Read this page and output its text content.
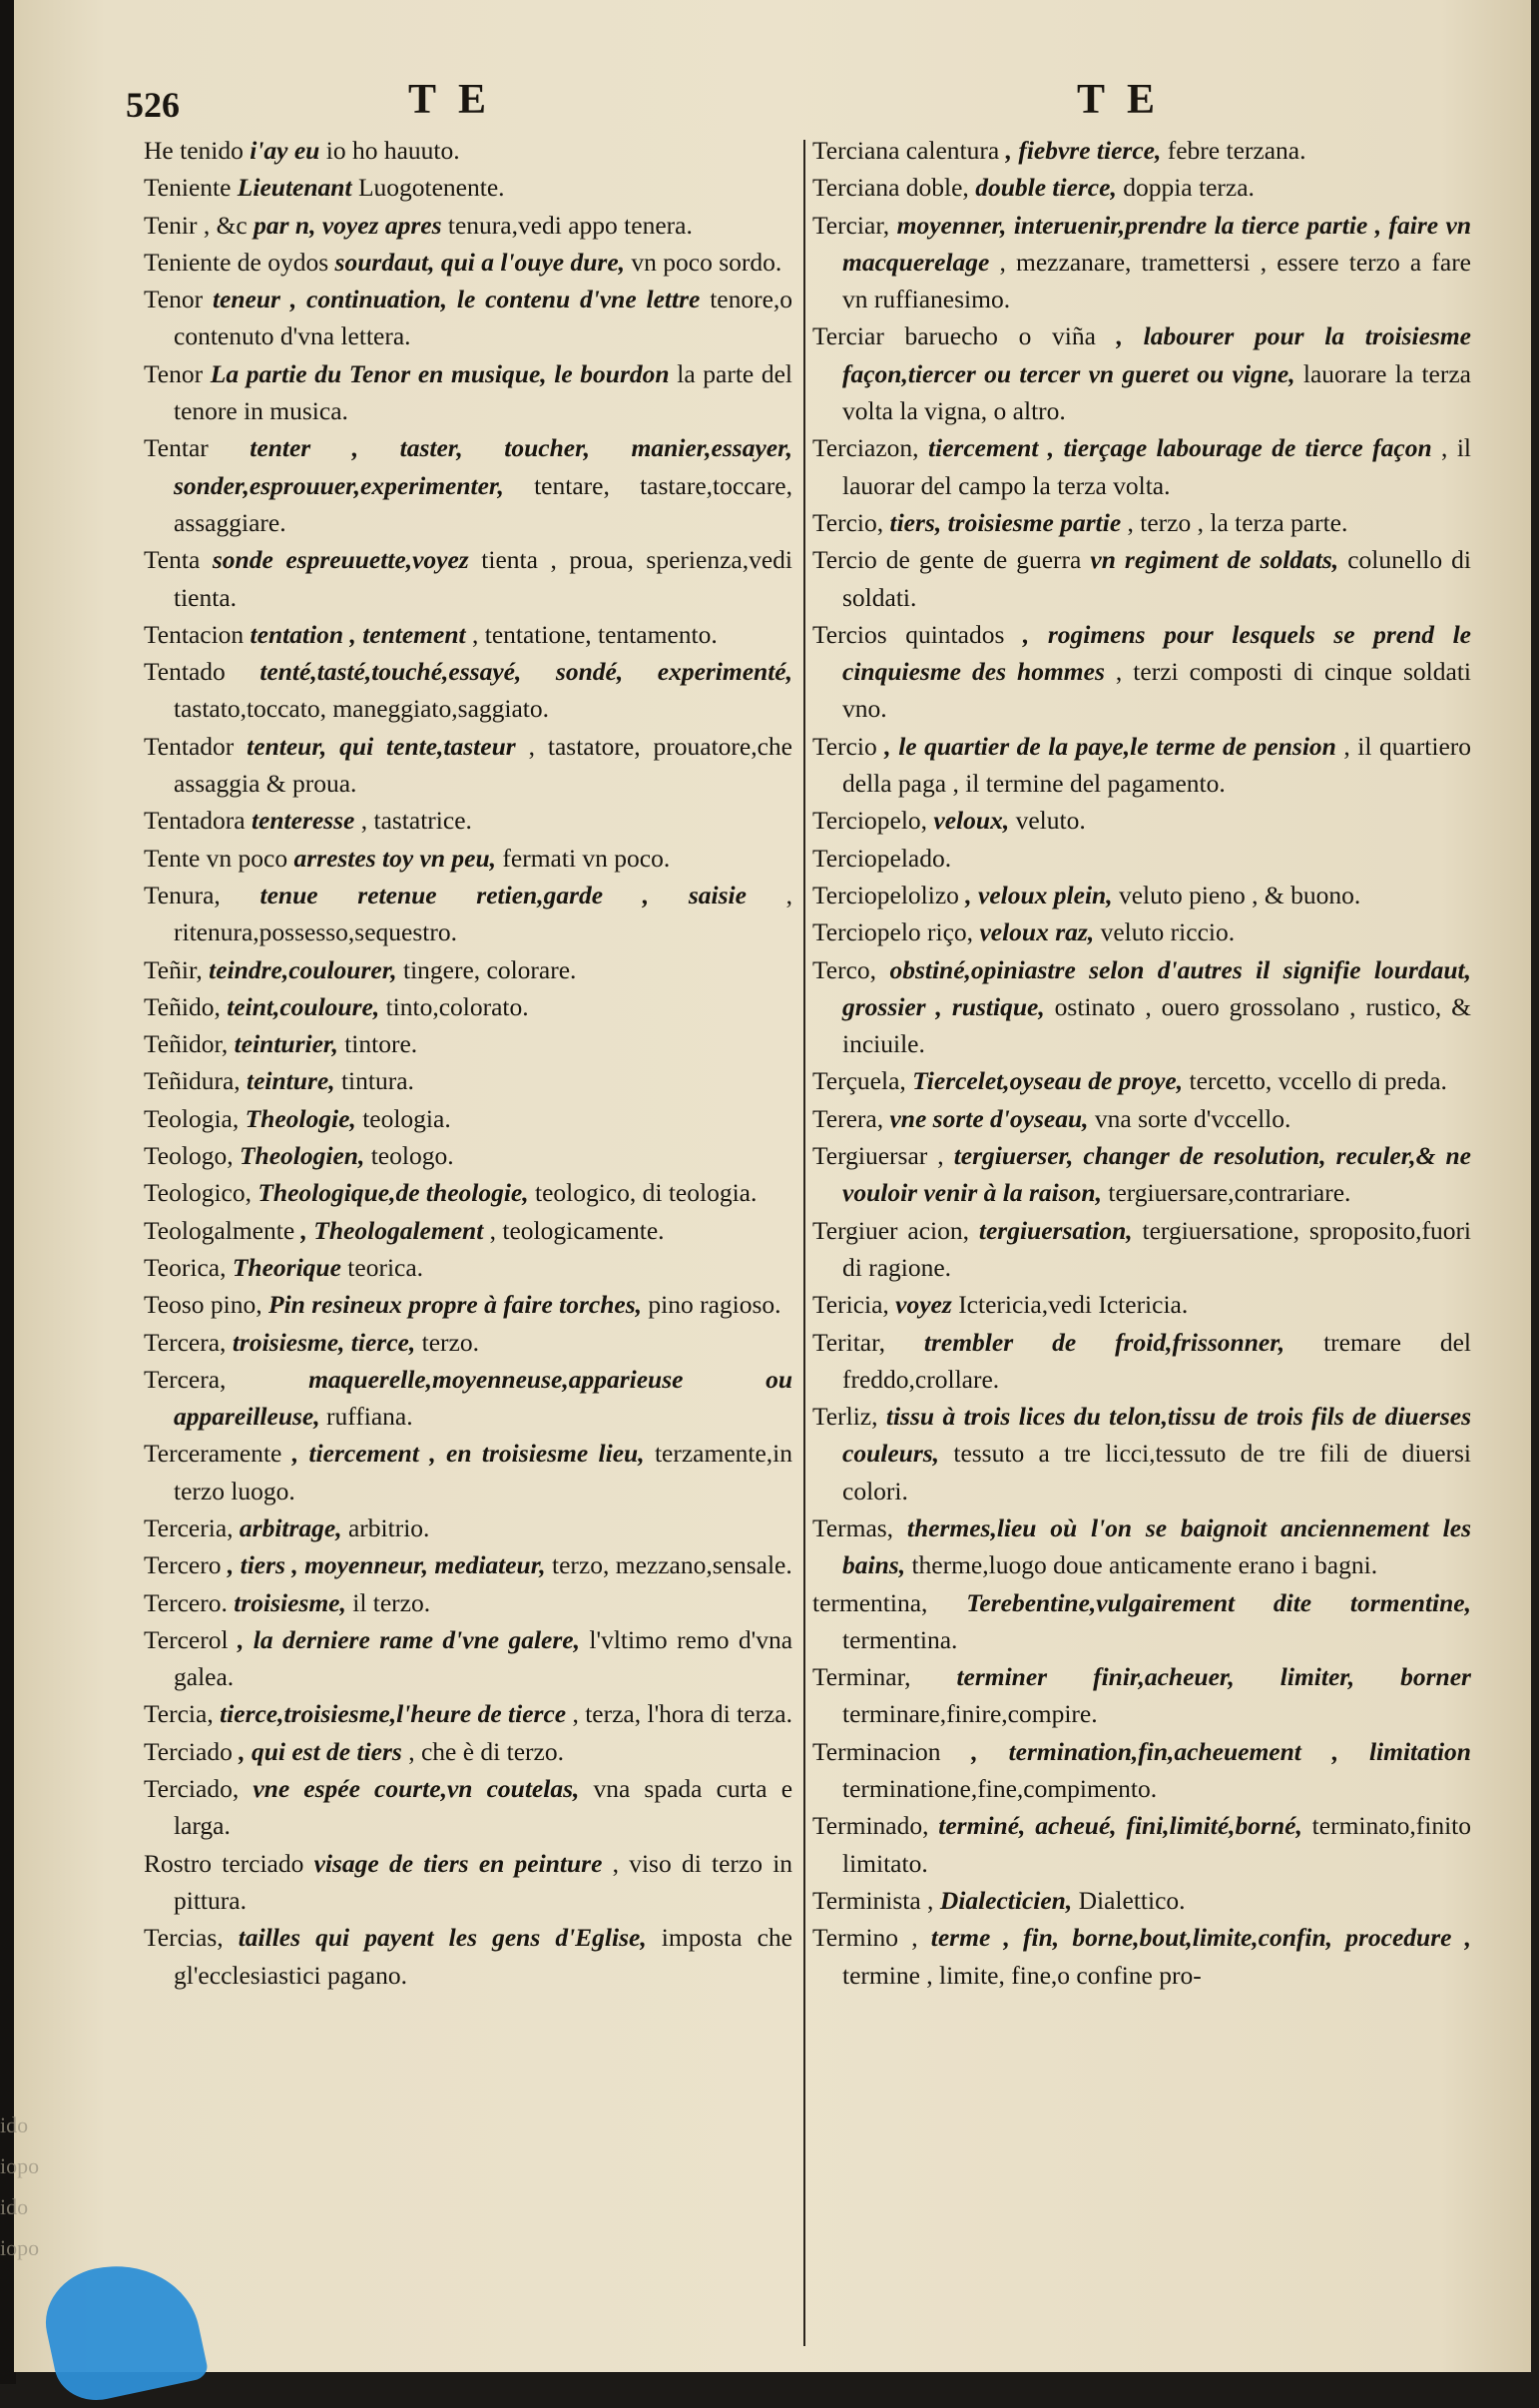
526	TE	TE

He tenido i'ay eu io ho hauuto.

Teniente Lieutenant Luogotenente.

Tenir , &c par n, voyez apres tenura,vedi appo tenera.

Teniente de oydos sourdaut, qui a l'ouye dure, vn poco sordo.

Tenor teneur , continuation, le contenu d'vne lettre tenore,o contenuto d'vna lettera.

Tenor La partie du Tenor en musique, le bourdon la parte del tenore in musica.

Tentar tenter , taster, toucher, manier,essayer, sonder,esprouuer,experimenter, tentare, tastare,toccare, assaggiare.

Tenta sonde espreuuette,voyez tienta , proua, sperienza,vedi tienta.

Tentacion tentation , tentement , tentatione, tentamento.

Tentado tenté,tasté,touché,essayé, sondé, experimenté, tastato,toccato, maneggiato,saggiato.

Tentador tenteur, qui tente,tasteur , tastatore, prouatore,che assaggia & proua.

Tentadora tenteresse , tastatrice.

Tente vn poco arrestes toy vn peu, fermati vn poco.

Tenura, tenue retenue retien,garde , saisie , ritenura,possesso,sequestro.

Teñir, teindre,coulourer, tingere, colorare.

Teñido, teint,couloure, tinto,colorato.

Teñidor, teinturier, tintore.

Teñidura, teinture, tintura.

Teologia, Theologie, teologia.

Teologo, Theologien, teologo.

Teologico, Theologique,de theologie, teologico, di teologia.

Teologalmente , Theologalement , teologicamente.

Teorica, Theorique teorica.

Teoso pino, Pin resineux propre à faire torches, pino ragioso.

Tercera, troisiesme, tierce, terzo.

Tercera,	maquerelle,moyenneuse,apparieuse ou appareilleuse, ruffiana.

Terceramente , tiercement , en troisiesme lieu, terzamente,in terzo luogo.

Terceria, arbitrage, arbitrio.

Tercero , tiers , moyenneur, mediateur, terzo, mezzano,sensale.

Tercero. troisiesme, il terzo.

Tercerol , la derniere rame d'vne galere, l'vltimo remo d'vna galea.

Tercia, tierce,troisiesme,l'heure de tierce , terza, l'hora di terza.

Terciado , qui est de tiers , che è di terzo.

Terciado, vne espée courte,vn coutelas, vna spada curta e larga.

Rostro terciado visage de tiers en peinture , viso di terzo in pittura.

Tercias, tailles qui payent les gens d'Eglise, imposta che gl'ecclesiastici pagano.

Terciana calentura , fiebvre tierce, febre terzana.

Terciana doble, double tierce, doppia terza.

Terciar, moyenner, interuenir,prendre la tierce partie , faire vn macquerelage , mezzanare, tramettersi , essere terzo a fare vn ruffianesimo.

Terciar baruecho o viña , labourer pour la troisiesme façon,tiercer ou tercer vn gueret ou vigne, lauorare la terza volta la vigna, o altro.

Terciazon, tiercement , tierçage labourage de tierce façon , il lauorar del campo la terza volta.

Tercio, tiers, troisiesme partie , terzo , la terza parte.

Tercio de gente de guerra vn regiment de soldats, colunello di soldati.

Tercios quintados , rogimens pour lesquels se prend le cinquiesme des hommes , terzi composti di cinque soldati vno.

Tercio , le quartier de la paye,le terme de pension , il quartiero della paga , il termine del pagamento.

Terciopelo, veloux, veluto.

Terciopelado.

Terciopelolizo , veloux plein, veluto pieno , & buono.

Terciopelo riço, veloux raz, veluto riccio.

Terco, obstiné,opiniastre selon d'autres il signifie lourdaut, grossier , rustique, ostinato , ouero grossolano , rustico, & inciuile.

Terçuela, Tiercelet,oyseau de proye, tercetto, vccello di preda.

Terera, vne sorte d'oyseau, vna sorte d'vccello.

Tergiuersar , tergiuerser, changer de resolution, reculer,& ne vouloir venir à la raison, tergiuersare,contrariare.

Tergiuer acion, tergiuersation, tergiuersatione, sproposito,fuori di ragione.

Tericia, voyez Ictericia,vedi Ictericia.

Teritar, trembler de froid,frissonner, tremare del freddo,crollare.

Terliz, tissu à trois lices du telon,tissu de trois fils de diuerses couleurs, tessuto a tre licci,tessuto de tre fili de diuersi colori.

Termas, thermes,lieu où l'on se baignoit anciennement les bains, therme,luogo doue anticamente erano i bagni.

termentina, Terebentine,vulgairement dite tormentine, termentina.

Terminar, terminer finir,acheuer, limiter, borner terminare,finire,compire.

Terminacion , termination,fin,acheuement , limitation terminatione,fine,compimento.

Terminado, terminé, acheué, fini,limité,borné, terminato,finito limitato.

Terminista , Dialecticien, Dialettico.

Termino , terme , fin, borne,bout,limite,confin, procedure , termine , limite, fine,o confine pro-

ido
iopo
ido
iopo
